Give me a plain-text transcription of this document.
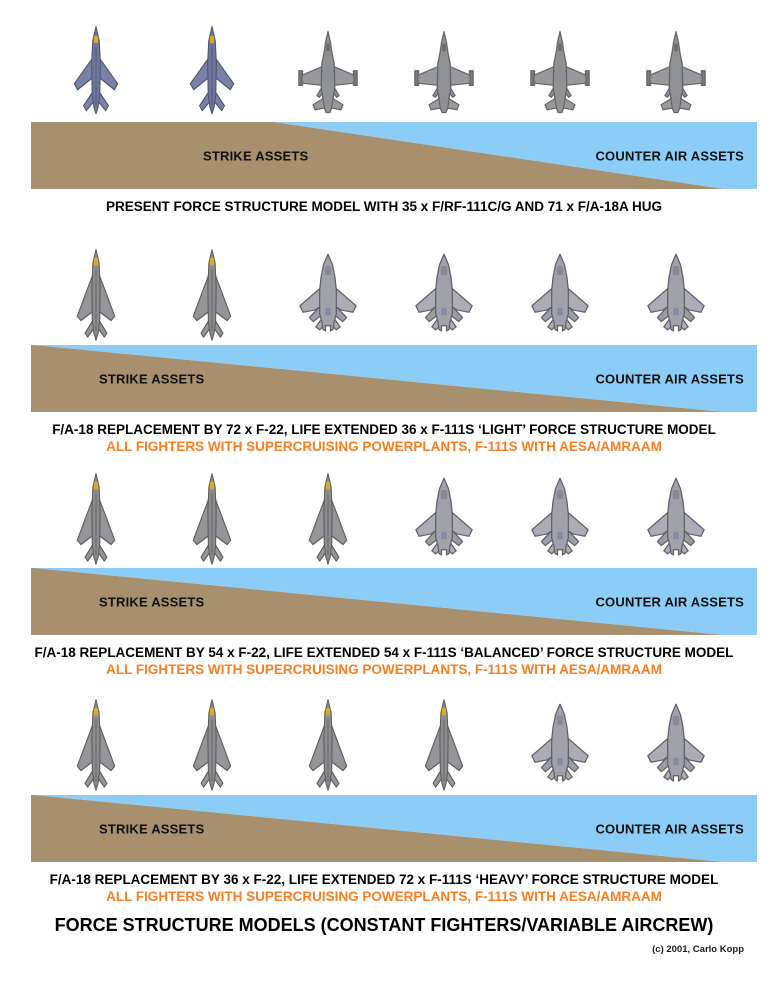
STRIKE ASSETS	COUNTER AIR ASSETS
PRESENT FORCE STRUCTURE MODEL WITH 35 x F/RF-111C/G AND 71 x F/A-18A HUG
STRIKE ASSETS	COUNTER AIR ASSETS
F/A-18 REPLACEMENT BY 72 x F-22, LIFE EXTENDED 36 x F-111S ‘LIGHT’ FORCE STRUCTURE MODEL
ALL FIGHTERS WITH SUPERCRUISING POWERPLANTS, F-111S WITH AESA/AMRAAM
STRIKE ASSETS	COUNTER AIR ASSETS
F/A-18 REPLACEMENT BY 54 x F-22, LIFE EXTENDED 54 x F-111S ‘BALANCED’ FORCE STRUCTURE MODEL
ALL FIGHTERS WITH SUPERCRUISING POWERPLANTS, F-111S WITH AESA/AMRAAM
STRIKE ASSETS	COUNTER AIR ASSETS
F/A-18 REPLACEMENT BY 36 x F-22, LIFE EXTENDED 72 x F-111S ‘HEAVY’ FORCE STRUCTURE MODEL
ALL FIGHTERS WITH SUPERCRUISING POWERPLANTS, F-111S WITH AESA/AMRAAM
FORCE STRUCTURE MODELS (CONSTANT FIGHTERS/VARIABLE AIRCREW)
(c) 2001, Carlo Kopp
